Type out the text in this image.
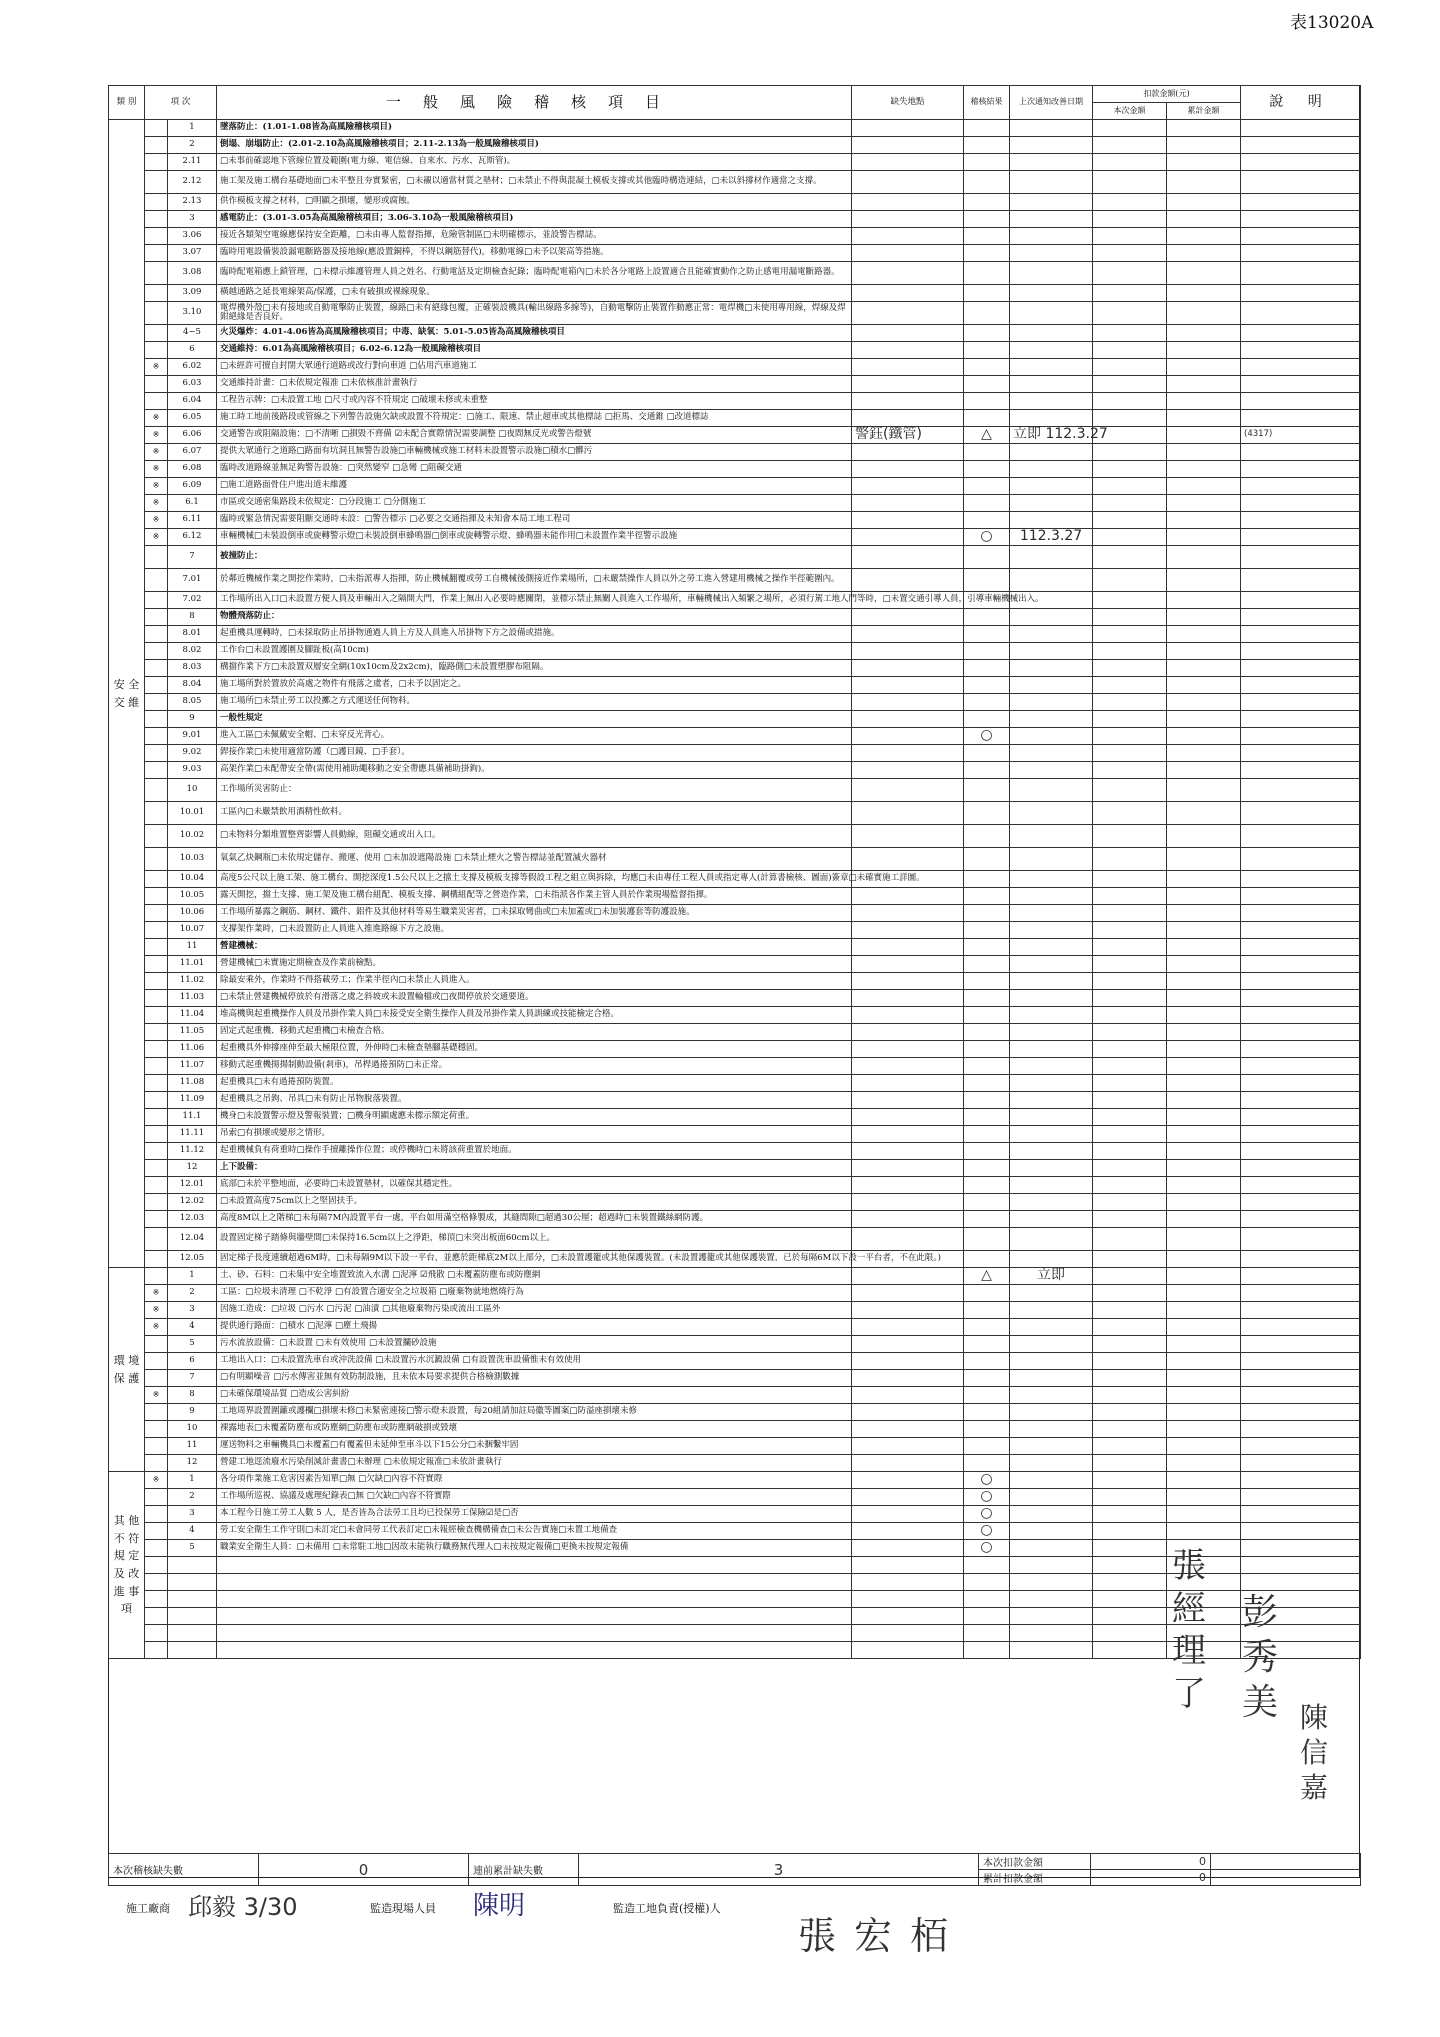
表13020A
類 別	項 次		一般風險稽核項目	缺失地點	稽核結果	上次通知改善日期	扣款金額(元)		說 明
							本次金額	累計金額	
安 全 交 維		1	墜落防止：(1.01-1.08皆為高風險稽核項目)						
		2	倒塌、崩塌防止：(2.01-2.10為高風險稽核項目；2.11-2.13為一般風險稽核項目)						
		2.11	□未事前確認地下管線位置及範圍(電力線、電信線、自來水、污水、瓦斯管)。						
		2.12	施工架及施工構台基礎地面□未平整且夯實緊密，□未襯以適當材質之墊材；□未禁止不得與混凝土模板支撐或其他臨時構造連結，□未以斜撐材作適當之支撐。						
		2.13	供作模板支撐之材料，□明顯之損壞，變形或腐蝕。						
		3	感電防止：(3.01-3.05為高風險稽核項目；3.06-3.10為一般風險稽核項目)						
		3.06	接近各類架空電線應保持安全距離，□未由專人監督指揮，危險管制區□未明確標示，並設警告標誌。						
		3.07	臨時用電設備裝設漏電斷路器及接地線(應設置銅棒，不得以鋼筋替代)，移動電線□未予以架高等措施。						
		3.08	臨時配電箱應上鎖管理，□未標示維護管理人員之姓名、行動電話及定期檢查紀錄；臨時配電箱內□未於各分電路上設置適合且能確實動作之防止感電用漏電斷路器。						
		3.09	橫越通路之延長電線架高/保護，□未有破損或裸線現象。						
		3.10	電焊機外殼□未有接地或自動電擊防止裝置，線路□未有絕緣包覆，正確裝設機具(輸出線路多線等)，自動電擊防止裝置作動應正常：電焊機□未使用專用線，焊線及焊鉗絕緣是否良好。						
		4~5	火災爆炸：4.01-4.06皆為高風險稽核項目；中毒、缺氧：5.01-5.05皆為高風險稽核項目						
		6	交通維持：6.01為高風險稽核項目；6.02-6.12為一般風險稽核項目						
	※	6.02	□未經許可擅自封閉大眾通行道路或改行對向車道 □佔用汽車道施工						
		6.03	交通維持計畫：□未依規定報准 □未依核准計畫執行						
		6.04	工程告示牌：□未設置工地 □尺寸或內容不符規定 □破壞未修或未重整						
	※	6.05	施工時工地前後路段或管線之下列警告設施欠缺或設置不符規定：□施工、限速、禁止超車或其他標誌 □拒馬、交通錐 □改道標誌						
	※	6.06	交通警告或阻隔設施：□不清晰 □損毀不齊備 ☑未配合實際情況需要調整 □夜間無反光或警告燈號	警鈺(鐵管)	△	立即 112.3.27			(4317)
	※	6.07	提供大眾通行之道路□路面有坑洞且無警告設施□車輛機械或施工材料未設置警示設施□積水□髒污						
	※	6.08	臨時改道路線並無足夠警告設施：□突然變窄 □急彎 □阻礙交通						
	※	6.09	□施工道路面骨住户進出道未維護						
	※	6.1	市區或交通密集路段未依規定：□分段施工 □分側施工						
	※	6.11	臨時或緊急情況需要阻斷交通時未設：□警告標示 □必要之交通指揮及未知會本局工地工程司						
	※	6.12	車輛機械□未裝設倒車或旋轉警示燈□未裝設倒車蜂鳴器□倒車或旋轉警示燈、蜂鳴器未能作用□未設置作業半徑警示設施		○	112.3.27			
		7	被撞防止：						
		7.01	於鄰近機械作業之開挖作業時，□未指派專人指揮，防止機械翻覆或勞工自機械後側接近作業場所，□未嚴禁操作人員以外之勞工進入營建用機械之操作半徑範圍內。						
		7.02	工作場所出入口□未設置方便人員及車輛出入之隔開大門，作業上無出入必要時應關閉，並標示禁止無關人員進入工作場所，車輛機械出入頻繁之場所，必須行駕工地人門等時，□未置交通引導人員，引導車輛機械出入。						
		8	物體飛落防止：						
		8.01	起重機具運轉時，□未採取防止吊掛物通過人員上方及人員進入吊掛物下方之設備或措施。						
		8.02	工作台□未設置護圍及腳趾板(高10cm)						
		8.03	構擋作業下方□未設置双層安全網(10x10cm及2x2cm)，臨路側□未設置塑膠布阻隔。						
		8.04	施工場所對於置放於高處之物件有飛落之虞者，□未予以固定之。						
		8.05	施工場所□未禁止勞工以投擲之方式運送任何物料。						
		9	一般性規定						
		9.01	進入工區□未佩戴安全帽、□未穿反光背心。		○				
		9.02	銲接作業□未使用適當防護（□護目鏡、□手套）。						
		9.03	高架作業□未配帶安全帶(需使用補助繩移動之安全帶應具備補助掛鉤)。						
		10	工作場所災害防止：						
		10.01	工區內□未嚴禁飲用酒精性飲料。						
		10.02	□未物料分類堆置整齊影響人員動線，阻礙交通或出入口。						
		10.03	氧氣乙炔鋼瓶□未依規定儲存、搬運、使用 □未加設遮陽設施 □未禁止煙火之警告標誌並配置滅火器材						
		10.04	高度5公尺以上施工架、施工構台、開挖深度1.5公尺以上之擋土支撐及模板支撐等假設工程之組立與拆除，均應□未由專任工程人員或指定專人(計算書檢核、圖面)簽章□未確實施工詳圖。						
		10.05	露天開挖，擋土支撐、施工架及施工構台組配、模板支撐、鋼構組配等之營造作業，□未指派各作業主管人員於作業現場監督指揮。						
		10.06	工作場所暴露之鋼筋、鋼材、鐵件、鋁件及其他材料等易生職業災害者，□未採取彎曲或□未加蓋或□未加裝護套等防護設施。						
		10.07	支撐架作業時，□未設置防止人員進入推進路線下方之設施。						
		11	營建機械：						
		11.01	營建機械□未實施定期檢查及作業前檢點。						
		11.02	除最安乘外，作業時不得搭載勞工；作業半徑內□未禁止人員進入。						
		11.03	□未禁止營建機械停放於有滑落之虞之斜坡或未設置輪檔或□夜間停放於交通要道。						
		11.04	堆高機與起重機操作人員及吊掛作業人員□未接受安全衛生操作人員及吊掛作業人員訓練或技能檢定合格。						
		11.05	固定式起重機、移動式起重機□未檢查合格。						
		11.06	起重機具外伸撐座伸至最大極限位置，外伸時□未檢查墊腳基礎穩固。						
		11.07	移動式起重機揚揚制動設備(剎車)，吊桿過捲預防□未正常。						
		11.08	起重機具□未有過捲預防裝置。						
		11.09	起重機具之吊鉤、吊具□未有防止吊物脫落裝置。						
		11.1	機身□未設置警示燈及警報裝置；□機身明顯處應未標示額定荷重。						
		11.11	吊索□有損壞或變形之情形。						
		11.12	起重機械負有荷重時□操作手擅離操作位置；或停機時□未將該荷重置於地面。						
		12	上下設備：						
		12.01	底部□未於平整地面，必要時□未設置墊材，以確保其穩定性。						
		12.02	□未設置高度75cm以上之堅固扶手。						
		12.03	高度8M以上之階梯□未每隔7M內設置平台一處，平台如用滿空格條製成，其縫間隙□超過30公厘；超過時□未裝置鐵絲網防護。						
		12.04	設置固定梯子踏條與牆壁間□未保持16.5cm以上之淨距，梯頂□未突出板面60cm以上。						
		12.05	固定梯子長度連續超過6M時，□未每隔9M以下設一平台，並應於距梯底2M以上部分，□未設置護籠或其他保護裝置。(未設置護籠或其他保護裝置，已於每隔6M以下設一平台者，不在此限。)						
環 境 保 護		1	土、砂、石料：□未集中安全堆置致流入水溝 □泥濘 ☑飛散 □未覆蓋防塵布或防塵網		△	立即			
	※	2	工區：□垃圾未清理 □不乾淨 □有設置合適安全之垃圾箱 □廢棄物就地燃燒行為						
	※	3	因施工造成：□垃圾 □污水 □污泥 □油漬 □其他廢棄物污染或流出工區外						
	※	4	提供通行路面：□積水 □泥濘 □塵土飛揚						
		5	污水流放設備：□未設置 □未有效使用 □未設置攔砂設施						
		6	工地出入口：□未設置洗車台或沖洗設備 □未設置污水沉澱設備 □有設置洗車設備惟未有效使用						
		7	□有明顯噪音 □污水傳害並無有效防制設施，且未依本局要求提供合格檢測數據						
	※	8	□未確保環境品質 □造成公害糾紛						
		9	工地周界設置圍籬或護欄□損壞未修□未緊密連接□警示燈未設置，每20組請加註局徽等圖案□防溢座損壞未修						
		10	裸露地表□未覆蓋防塵布或防塵網□防塵布或防塵網破損或毀壞						
		11	運送物料之車輛機具□未覆蓋□有覆蓋但未延伸至車斗以下15公分□未捆繫牢固						
		12	營建工地逕流廢水污染削減計畫書□未辦理 □未依規定報准□未依計畫執行						
其 他 不 符 規 定 及 改 進 事 項	※	1	各分項作業施工危害因素告知單□無 □欠缺□內容不符實際		○				
		2	工作場所巡視、協議及處理紀錄表□無 □欠缺□內容不符實際		○				
		3	本工程今日施工勞工人數 5 人，是否皆為合法勞工且均已投保勞工保險☑是□否		○				
		4	勞工安全衛生工作守則□未訂定□未會同勞工代表訂定□未報經檢查機構備查□未公告實施□未置工地備查		○				
		5	職業安全衛生人員：□未備用 □未常駐工地□因故未能執行職務無代理人□未按規定報備□更換未按規定報備		○				

本次稽核缺失數	0	連前累計缺失數	3	本次扣款金額	0	
				累計扣款金額	0	
施工廠商 邱毅 3/30	監造現場人員 陳明	監造工地負責(授權)人
張宏栢
張經理 了
彭秀美 陳信嘉
